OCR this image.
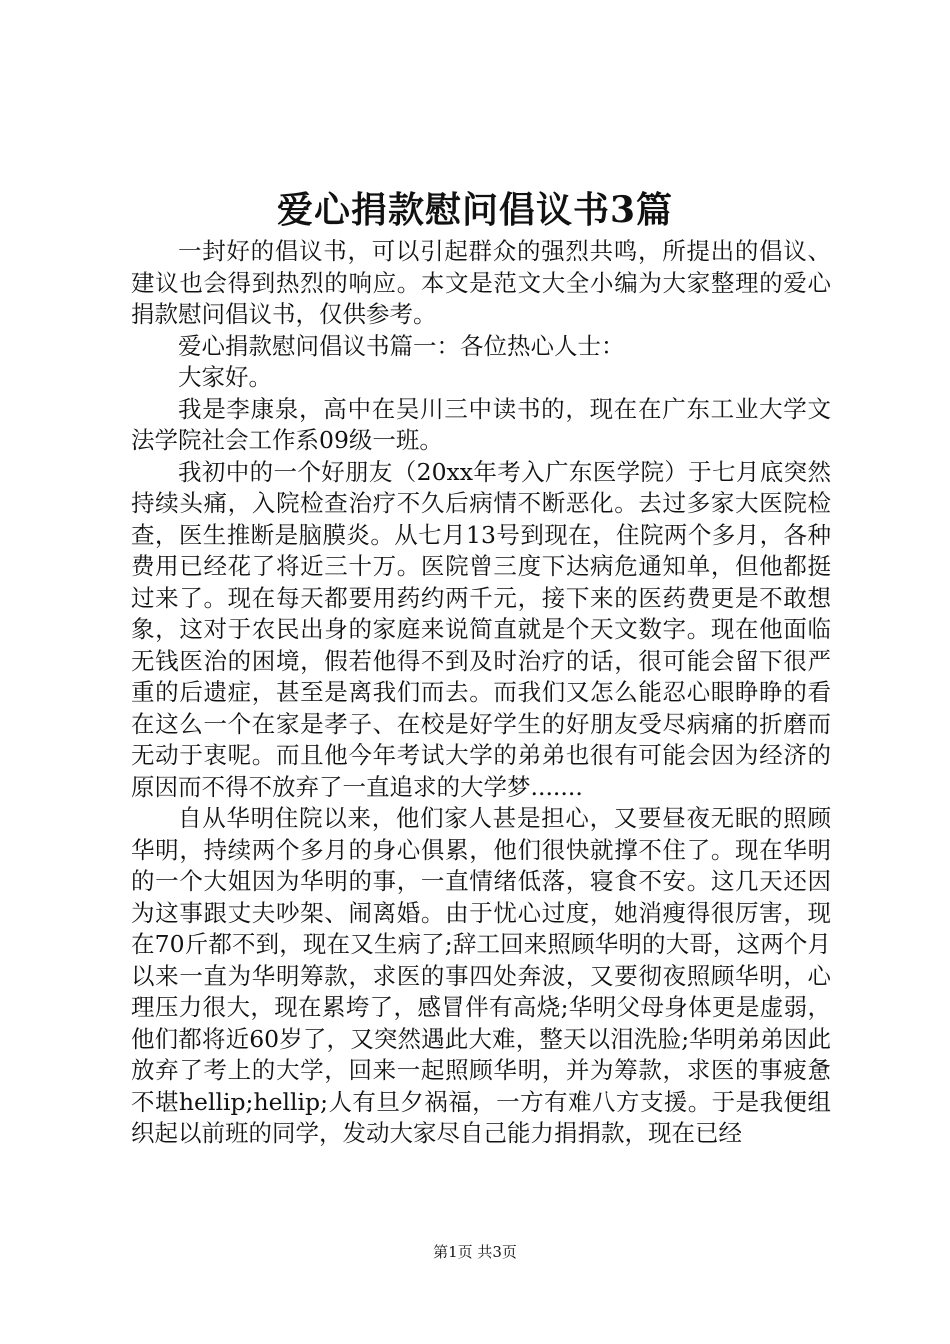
爱心捐款慰问倡议书3篇

一封好的倡议书，可以引起群众的强烈共鸣，所提出的倡议、建议也会得到热烈的响应。本文是范文大全小编为大家整理的爱心捐款慰问倡议书，仅供参考。

爱心捐款慰问倡议书篇一：各位热心人士：

大家好。

我是李康泉，高中在吴川三中读书的，现在在广东工业大学文法学院社会工作系09级一班。

我初中的一个好朋友（20xx年考入广东医学院）于七月底突然持续头痛，入院检查治疗不久后病情不断恶化。去过多家大医院检查，医生推断是脑膜炎。从七月13号到现在，住院两个多月，各种费用已经花了将近三十万。医院曾三度下达病危通知单，但他都挺过来了。现在每天都要用药约两千元，接下来的医药费更是不敢想象，这对于农民出身的家庭来说简直就是个天文数字。现在他面临无钱医治的困境，假若他得不到及时治疗的话，很可能会留下很严重的后遗症，甚至是离我们而去。而我们又怎么能忍心眼睁睁的看在这么一个在家是孝子、在校是好学生的好朋友受尽病痛的折磨而无动于衷呢。而且他今年考试大学的弟弟也很有可能会因为经济的原因而不得不放弃了一直追求的大学梦.......

自从华明住院以来，他们家人甚是担心，又要昼夜无眠的照顾华明，持续两个多月的身心俱累，他们很快就撑不住了。现在华明的一个大姐因为华明的事，一直情绪低落，寝食不安。这几天还因为这事跟丈夫吵架、闹离婚。由于忧心过度，她消瘦得很厉害，现在70斤都不到，现在又生病了;辞工回来照顾华明的大哥，这两个月以来一直为华明筹款，求医的事四处奔波，又要彻夜照顾华明，心理压力很大，现在累垮了，感冒伴有高烧;华明父母身体更是虚弱，他们都将近60岁了，又突然遇此大难，整天以泪洗脸;华明弟弟因此放弃了考上的大学，回来一起照顾华明，并为筹款，求医的事疲惫不堪hellip;hellip;人有旦夕祸福，一方有难八方支援。于是我便组织起以前班的同学，发动大家尽自己能力捐捐款，现在已经

第1页 共3页
